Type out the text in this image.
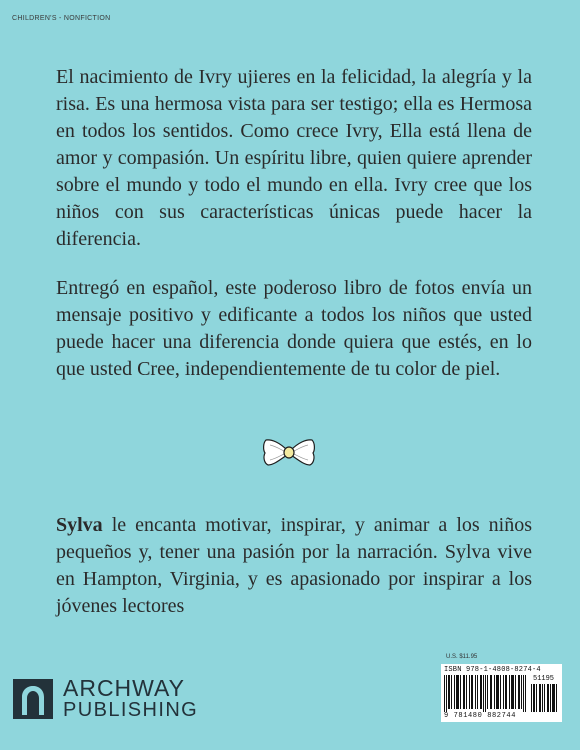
CHILDREN'S - NONFICTION

El nacimiento de Ivry ujieres en la felicidad, la alegría y la risa. Es una hermosa vista para ser testigo; ella es Hermosa en todos los sentidos. Como crece Ivry, Ella está llena de amor y compasión. Un espíritu libre, quien quiere aprender sobre el mundo y todo el mundo en ella. Ivry cree que los niños con sus características únicas puede hacer la diferencia.

Entregó en español, este poderoso libro de fotos envía un mensaje positivo y edificante a todos los niños que usted puede hacer una diferencia donde quiera que estés, en lo que usted Cree, independientemente de tu color de piel.

Sylva le encanta motivar, inspirar, y animar a los niños pequeños y, tener una pasión por la narración. Sylva vive en Hampton, Virginia, y es apasionado por inspirar a los jóvenes lectores

U.S. $11.95
ISBN 978-1-4808-8274-4
51195
9 781480 882744
ARCHWAY
PUBLISHING
